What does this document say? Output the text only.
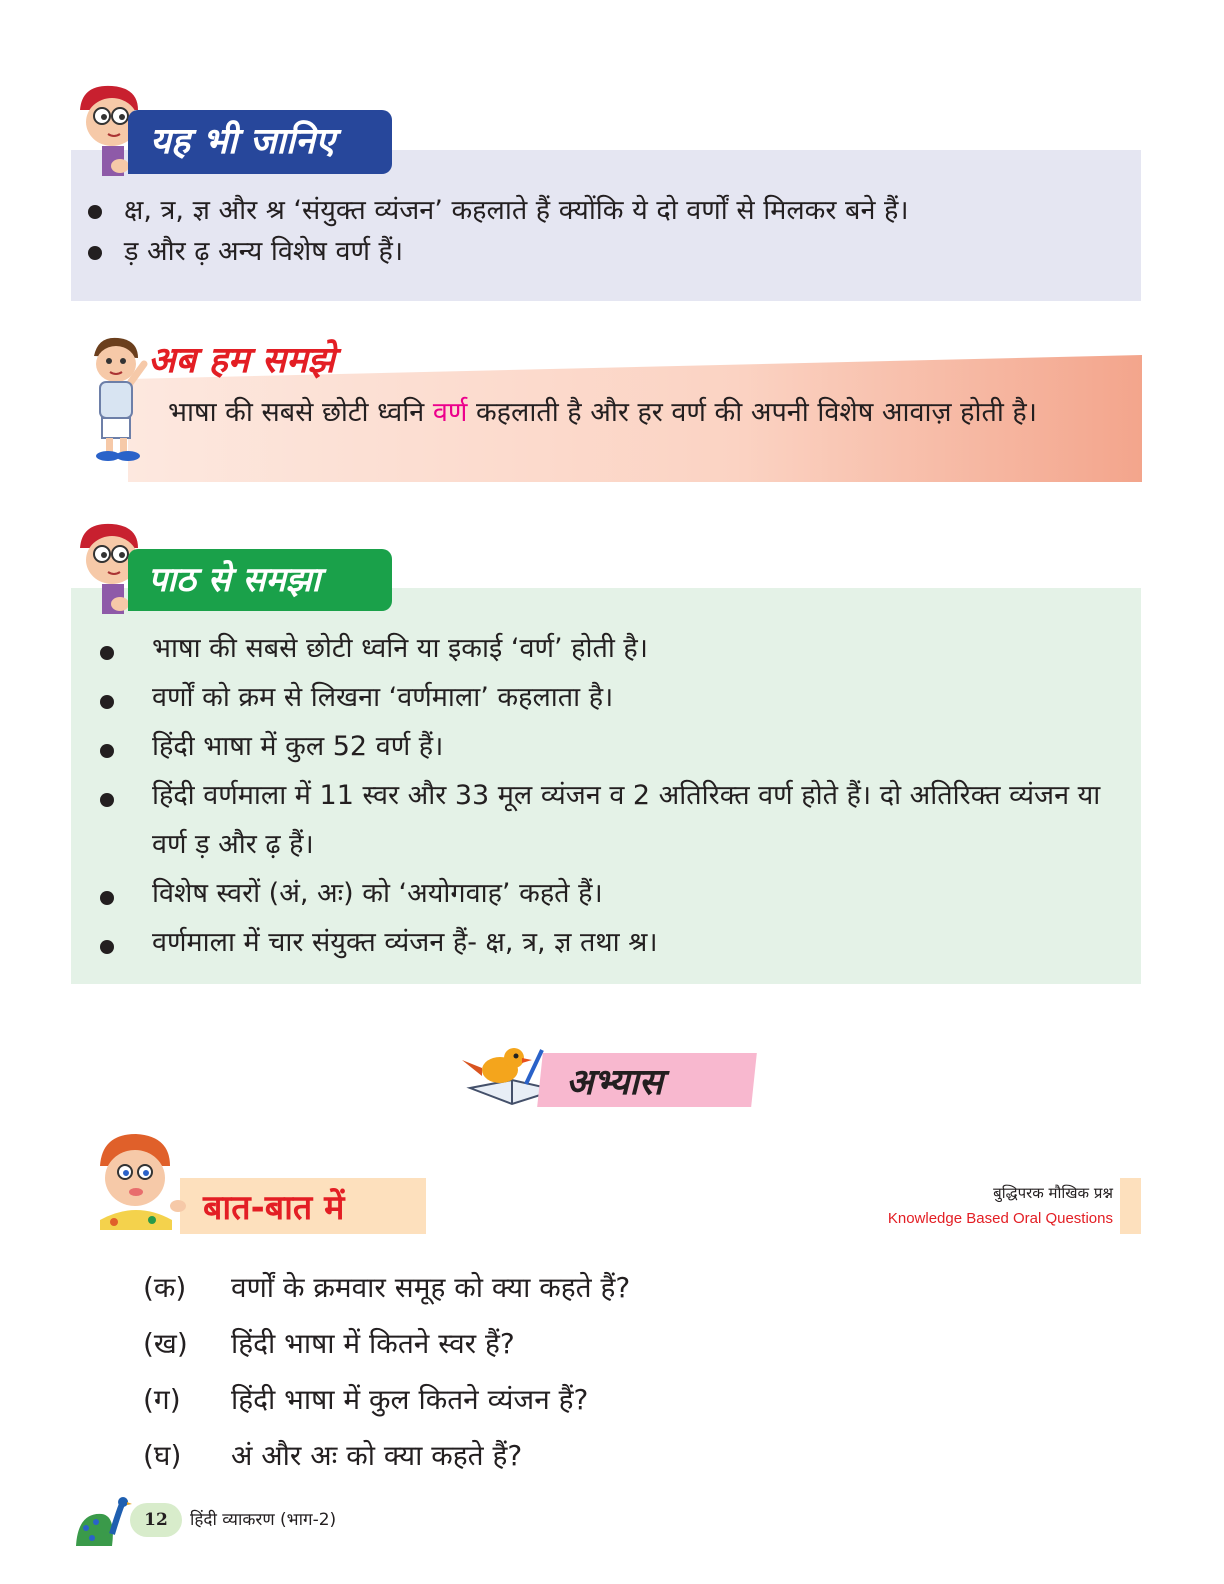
यह भी जानिए
क्ष, त्र, ज्ञ और श्र ‘संयुक्त व्यंजन’ कहलाते हैं क्योंकि ये दो वर्णों से मिलकर बने हैं।
ड़ और ढ़ अन्य विशेष वर्ण हैं।
अब हम समझे
भाषा की सबसे छोटी ध्वनि वर्ण कहलाती है और हर वर्ण की अपनी विशेष आवाज़ होती है।
पाठ से समझा
भाषा की सबसे छोटी ध्वनि या इकाई ‘वर्ण’ होती है।
वर्णों को क्रम से लिखना ‘वर्णमाला’ कहलाता है।
हिंदी भाषा में कुल 52 वर्ण हैं।
हिंदी वर्णमाला में 11 स्वर और 33 मूल व्यंजन व 2 अतिरिक्त वर्ण होते हैं। दो अतिरिक्त व्यंजन या वर्ण ड़ और ढ़ हैं।
विशेष स्वरों (अं, अः) को ‘अयोगवाह’ कहते हैं।
वर्णमाला में चार संयुक्त व्यंजन हैं- क्ष, त्र, ज्ञ तथा श्र।
अभ्यास
बात-बात में	बुद्धिपरक मौखिक प्रश्न
Knowledge Based Oral Questions
(क)	वर्णों के क्रमवार समूह को क्या कहते हैं?
(ख)	हिंदी भाषा में कितने स्वर हैं?
(ग)	हिंदी भाषा में कुल कितने व्यंजन हैं?
(घ)	अं और अः को क्या कहते हैं?
12	हिंदी व्याकरण (भाग-2)
